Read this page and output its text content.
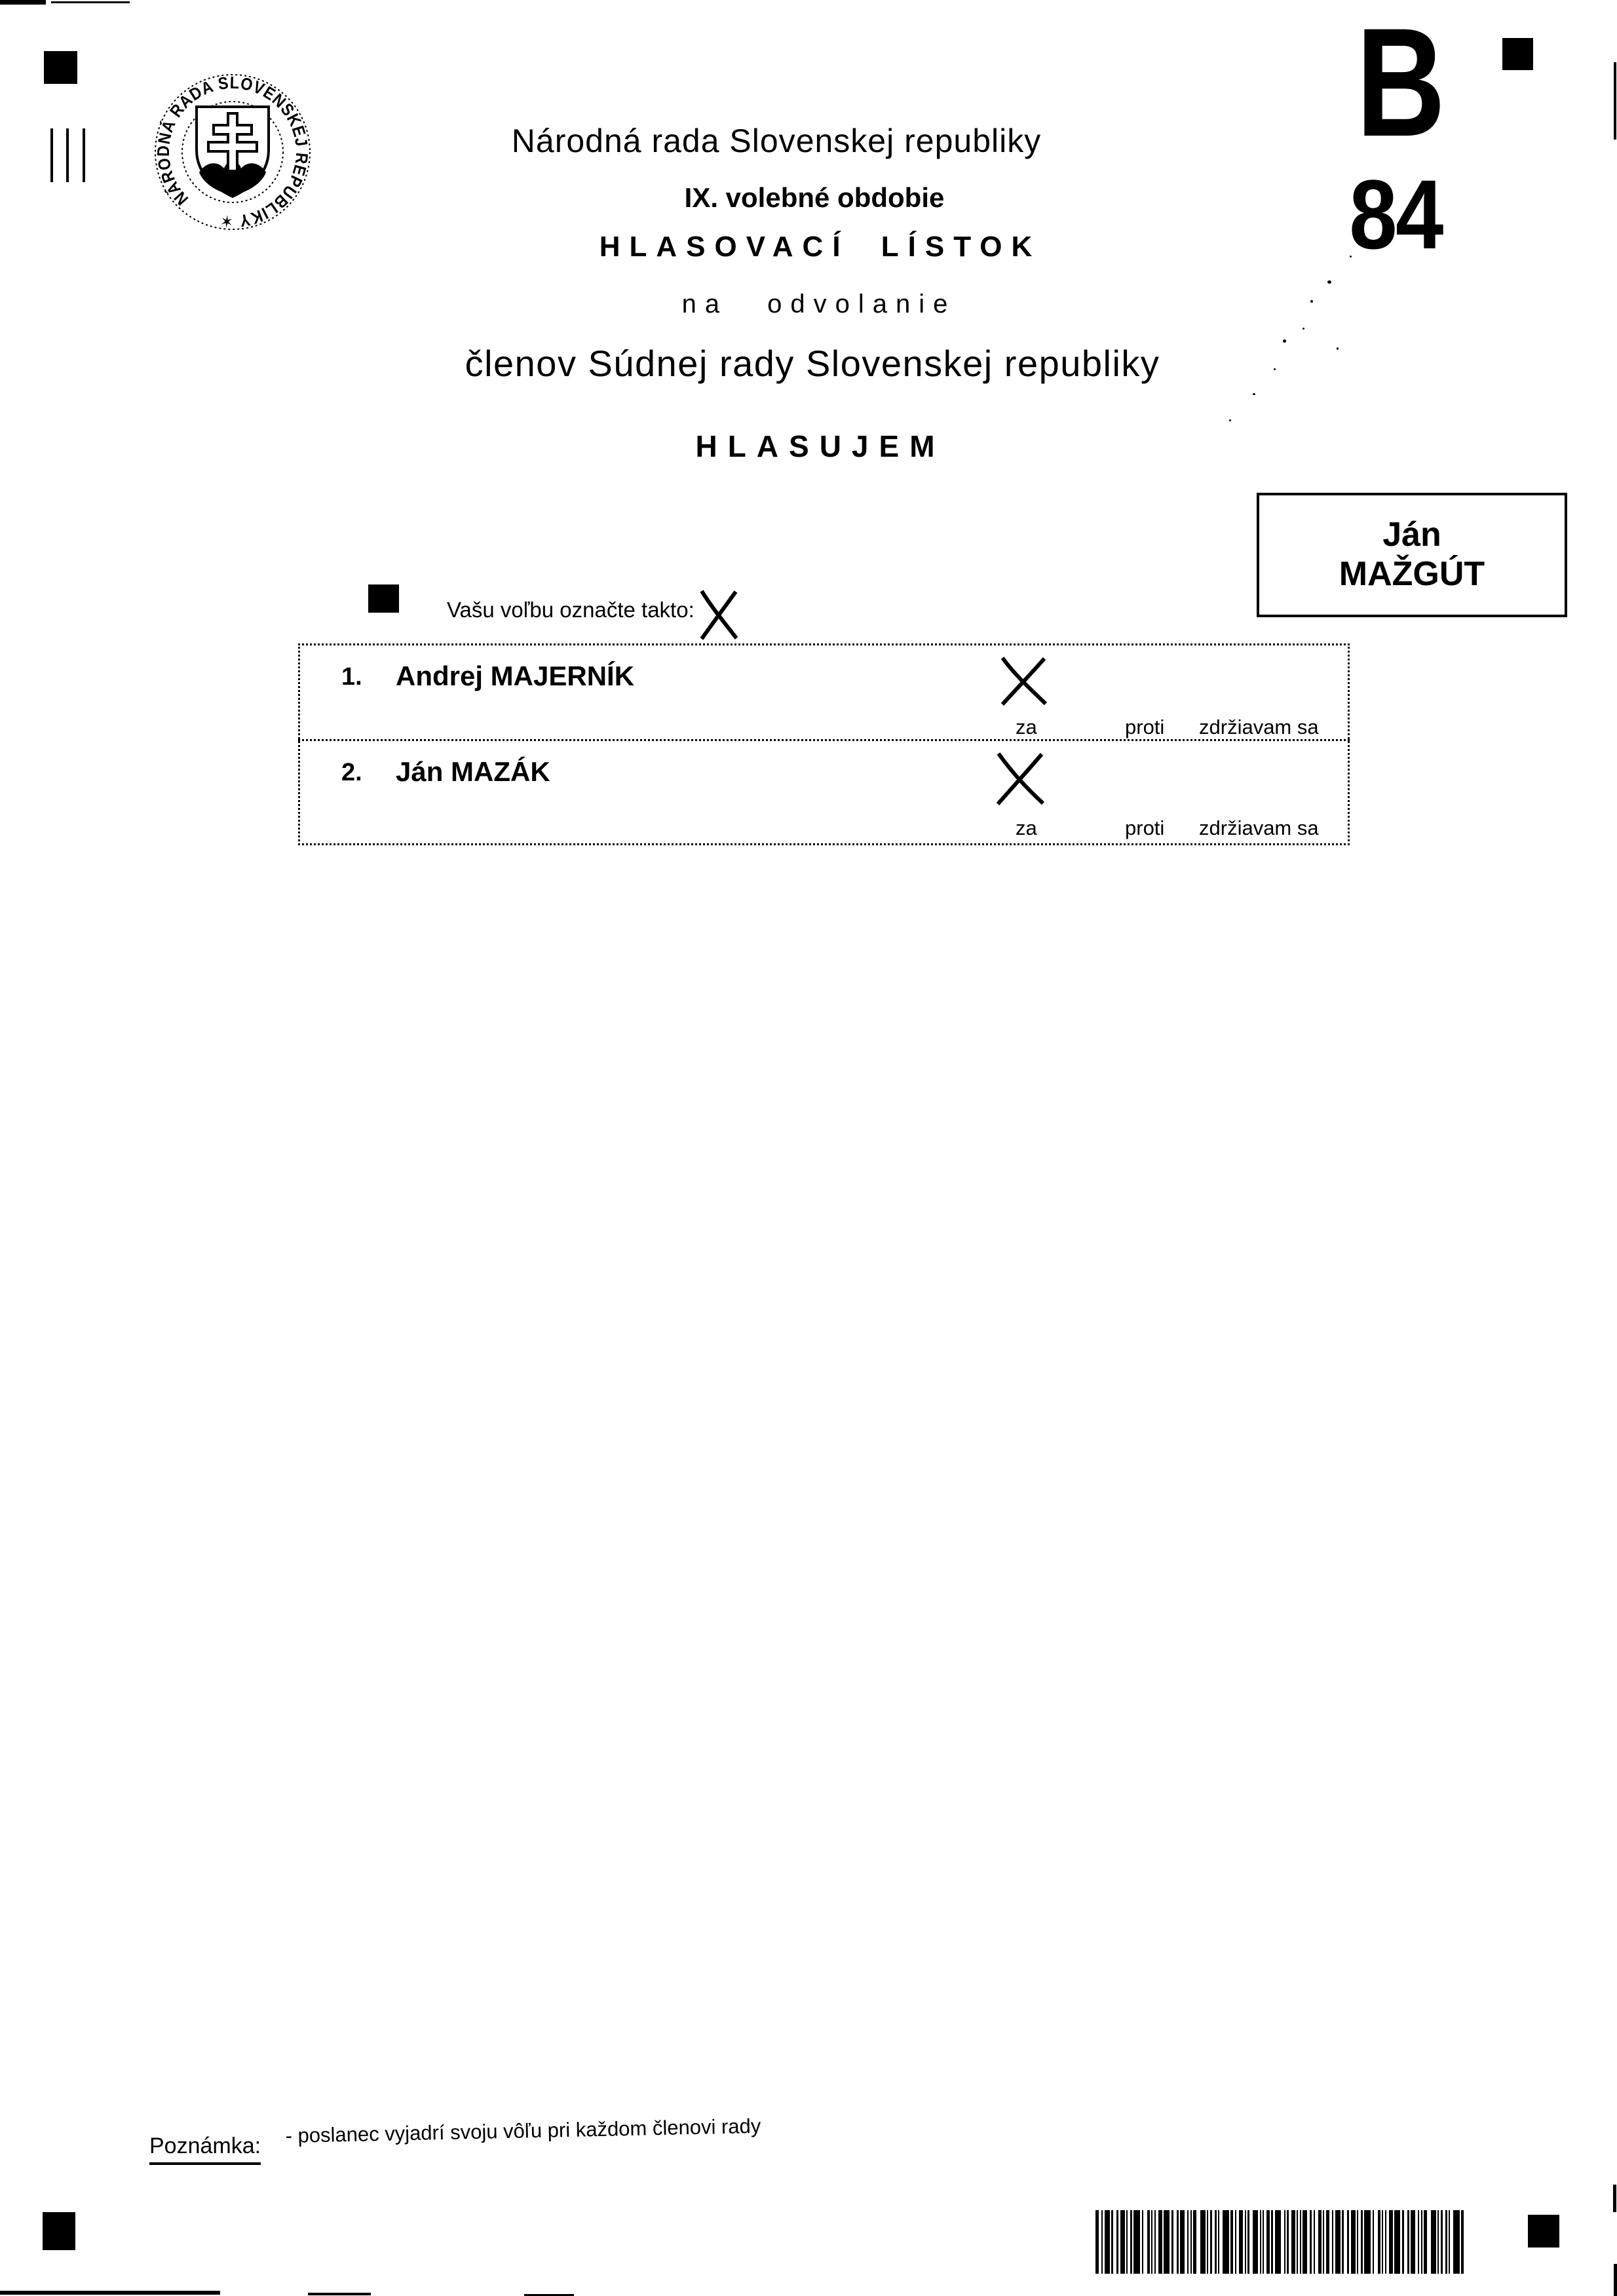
NÁRODNÁ RADA SLOVENSKEJ REPUBLIKY ✶
Národná rada Slovenskej republiky
IX. volebné obdobie
HLASOVACÍ LÍSTOK
na odvolanie
členov Súdnej rady Slovenskej republiky
HLASUJEM
B
84
Ján
MAŽGÚT
Vašu voľbu označte takto:
1. Andrej MAJERNÍK
za	proti zdržiavam sa
2. Ján MAZÁK
za	proti zdržiavam sa
Poznámka: - poslanec vyjadrí svoju vôľu pri každom členovi rady
